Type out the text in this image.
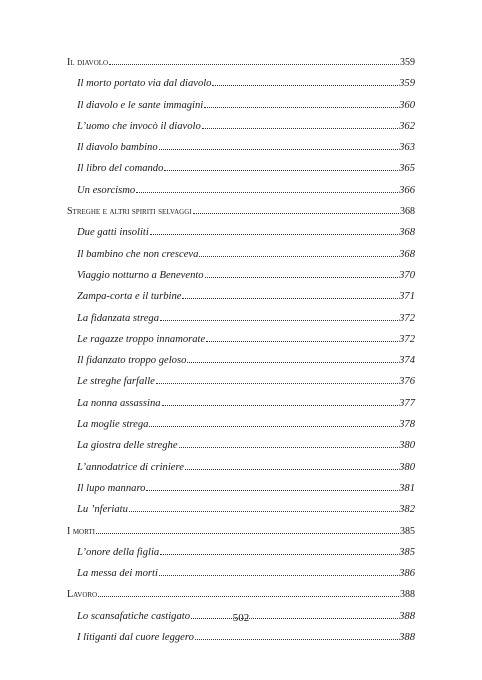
Il diavolo	359
Il morto portato via dal diavolo	359
Il diavolo e le sante immagini	360
L’uomo che invocò il diavolo	362
Il diavolo bambino	363
Il libro del comando	365
Un esorcismo	366
Streghe e altri spiriti selvaggi	368
Due gatti insoliti	368
Il bambino che non cresceva	368
Viaggio notturno a Benevento	370
Zampa-corta e il turbine	371
La fidanzata strega	372
Le ragazze troppo innamorate	372
Il fidanzato troppo geloso	374
Le streghe farfalle	376
La nonna assassina	377
La moglie strega	378
La giostra delle streghe	380
L’annodatrice di criniere	380
Il lupo mannaro	381
Lu ’nferiatu	382
I morti	385
L’onore della figlia	385
La messa dei morti	386
Lavoro	388
Lo scansafatiche castigato	388
I litiganti dal cuore leggero	388
502
